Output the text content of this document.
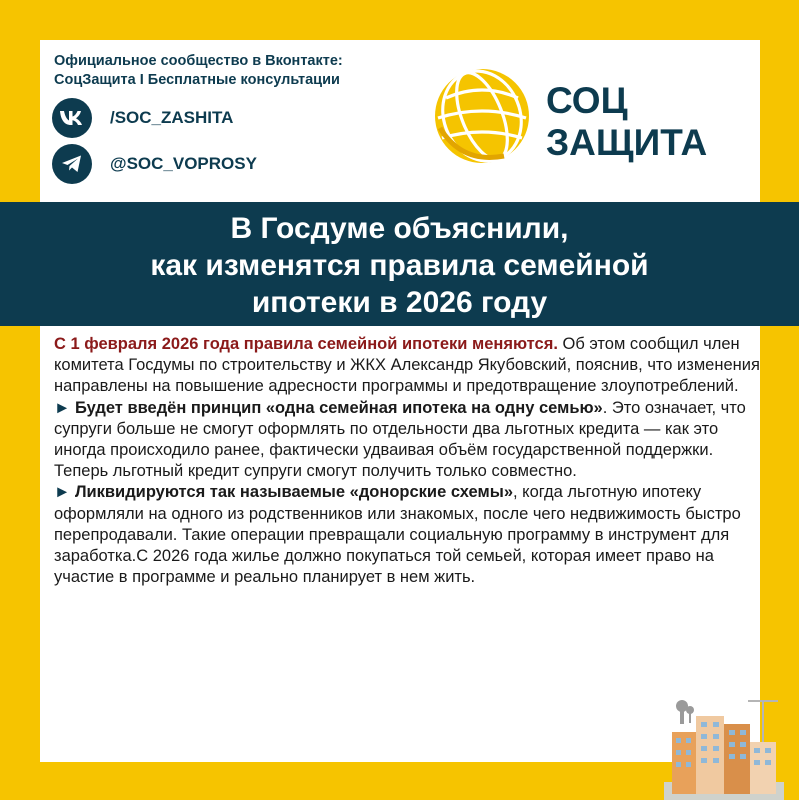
Официальное сообщество в Вконтакте:
СоцЗащита I Бесплатные консультации
/SOC_ZASHITA
@SOC_VOPROSY
СОЦ
ЗАЩИТА
В Госдуме объяснили,
как изменятся правила семейной
ипотеки в 2026 году
С 1 февраля 2026 года правила семейной ипотеки меняются. Об этом сообщил член комитета Госдумы по строительству и ЖКХ Александр Якубовский, пояснив, что изменения направлены на повышение адресности программы и предотвращение злоупотреблений.
► Будет введён принцип «одна семейная ипотека на одну семью». Это означает, что супруги больше не смогут оформлять по отдельности два льготных кредита — как это иногда происходило ранее, фактически удваивая объём государственной поддержки. Теперь льготный кредит супруги смогут получить только совместно.
► Ликвидируются так называемые «донорские схемы», когда льготную ипотеку оформляли на одного из родственников или знакомых, после чего недвижимость быстро перепродавали. Такие операции превращали социальную программу в инструмент для заработка.С 2026 года жилье должно покупаться той семьей, которая имеет право на участие в программе и реально планирует в нем жить.
